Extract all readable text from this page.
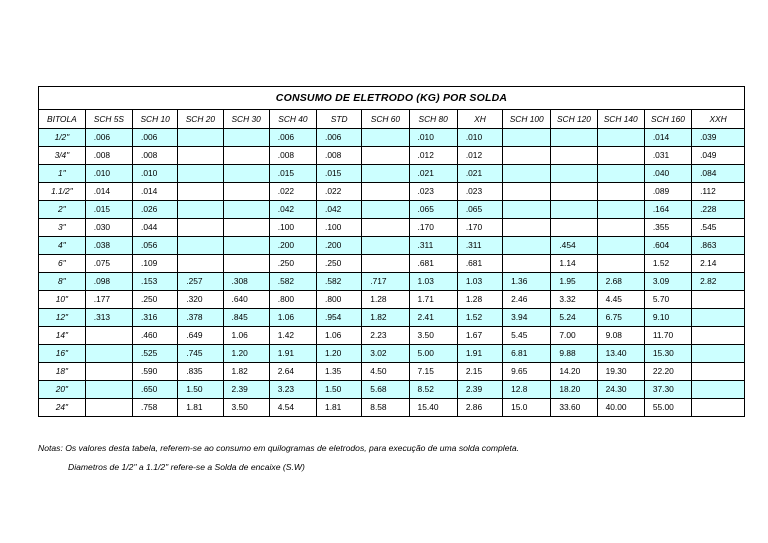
CONSUMO DE ELETRODO (KG) POR SOLDA
BITOLA	SCH 5S	SCH 10	SCH 20	SCH 30	SCH 40	STD	SCH 60	SCH 80	XH	SCH 100	SCH 120	SCH 140	SCH 160	XXH
1/2"	.006	.006			.006	.006		.010	.010				.014	.039
3/4"	.008	.008			.008	.008		.012	.012				.031	.049
1"	.010	.010			.015	.015		.021	.021				.040	.084
1.1/2"	.014	.014			.022	.022		.023	.023				.089	.112
2"	.015	.026			.042	.042		.065	.065				.164	.228
3"	.030	.044			.100	.100		.170	.170				.355	.545
4"	.038	.056			.200	.200		.311	.311		.454		.604	.863
6"	.075	.109			.250	.250		.681	.681		1.14		1.52	2.14
8"	.098	.153	.257	.308	.582	.582	.717	1.03	1.03	1.36	1.95	2.68	3.09	2.82
10"	.177	.250	.320	.640	.800	.800	1.28	1.71	1.28	2.46	3.32	4.45	5.70	
12"	.313	.316	.378	.845	1.06	.954	1.82	2.41	1.52	3.94	5.24	6.75	9.10	
14"		.460	.649	1.06	1.42	1.06	2.23	3.50	1.67	5.45	7.00	9.08	11.70	
16"		.525	.745	1.20	1.91	1.20	3.02	5.00	1.91	6.81	9.88	13.40	15.30	
18"		.590	.835	1.82	2.64	1.35	4.50	7.15	2.15	9.65	14.20	19.30	22.20	
20"		.650	1.50	2.39	3.23	1.50	5.68	8.52	2.39	12.8	18.20	24.30	37.30	
24"		.758	1.81	3.50	4.54	1.81	8.58	15.40	2.86	15.0	33.60	40.00	55.00	
Notas: Os valores desta tabela, referem-se ao consumo em quilogramas de eletrodos, para execução de uma solda completa.
Diametros de 1/2" a 1.1/2" refere-se a Solda de encaixe (S.W)
